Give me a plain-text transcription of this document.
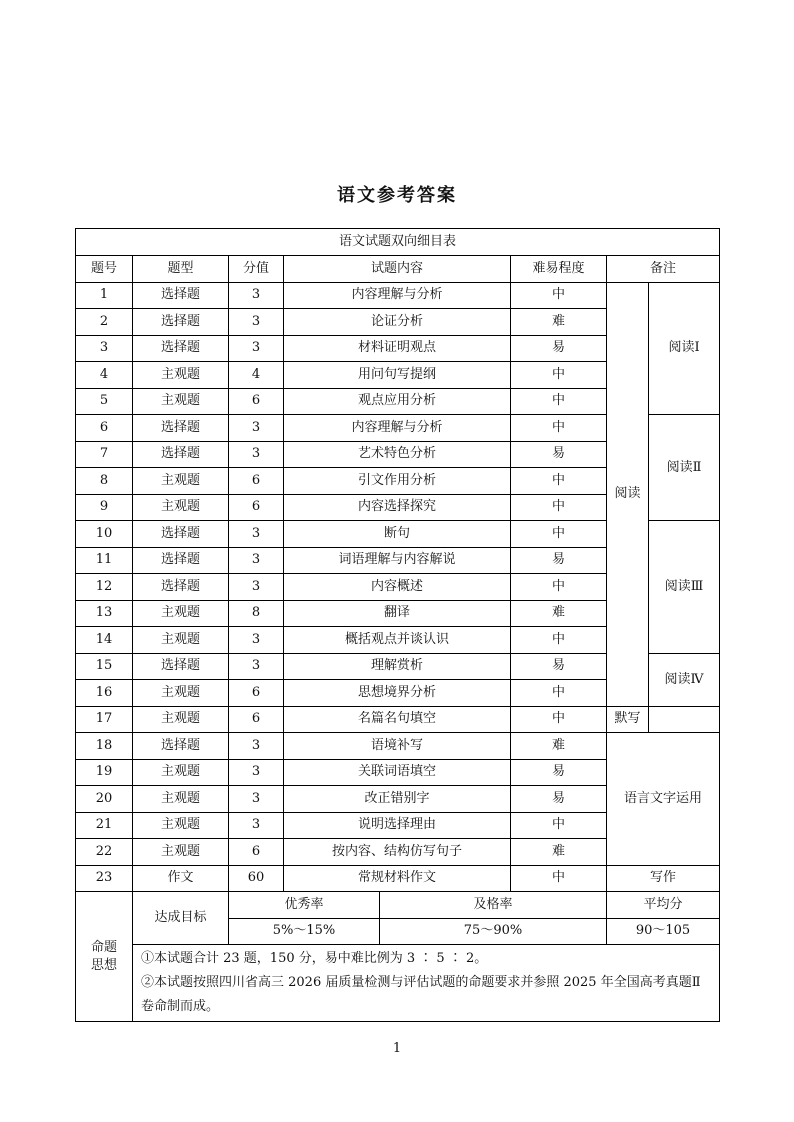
语文参考答案
语文试题双向细目表							
题号	题型	分值	试题内容		难易程度	备注	
1	选择题	3	内容理解与分析		中	阅读	阅读Ⅰ
2	选择题	3	论证分析		难		
3	选择题	3	材料证明观点		易		
4	主观题	4	用问句写提纲		中		
5	主观题	6	观点应用分析		中		
6	选择题	3	内容理解与分析		中		阅读Ⅱ
7	选择题	3	艺术特色分析		易		
8	主观题	6	引文作用分析		中		
9	主观题	6	内容选择探究		中		
10	选择题	3	断句		中		阅读Ⅲ
11	选择题	3	词语理解与内容解说		易		
12	选择题	3	内容概述		中		
13	主观题	8	翻译		难		
14	主观题	3	概括观点并谈认识		中		
15	选择题	3	理解赏析		易		阅读Ⅳ
16	主观题	6	思想境界分析		中		
17	主观题	6	名篇名句填空		中	默写	
18	选择题	3	语境补写		难	语言文字运用	
19	主观题	3	关联词语填空		易		
20	主观题	3	改正错别字		易		
21	主观题	3	说明选择理由		中		
22	主观题	6	按内容、结构仿写句子		难		
23	作文	60	常规材料作文		中	写作	

命题
思想	达成目标	优秀率		及格率		平均分	
		5%～15%		75～90%		90～105	

	①本试题合计 23 题，150 分，易中难比例为 3 ∶ 5 ∶ 2。
②本试题按照四川省高三 2026 届质量检测与评估试题的命题要求并参照 2025 年全国高考真题Ⅱ卷命制而成。						
1
